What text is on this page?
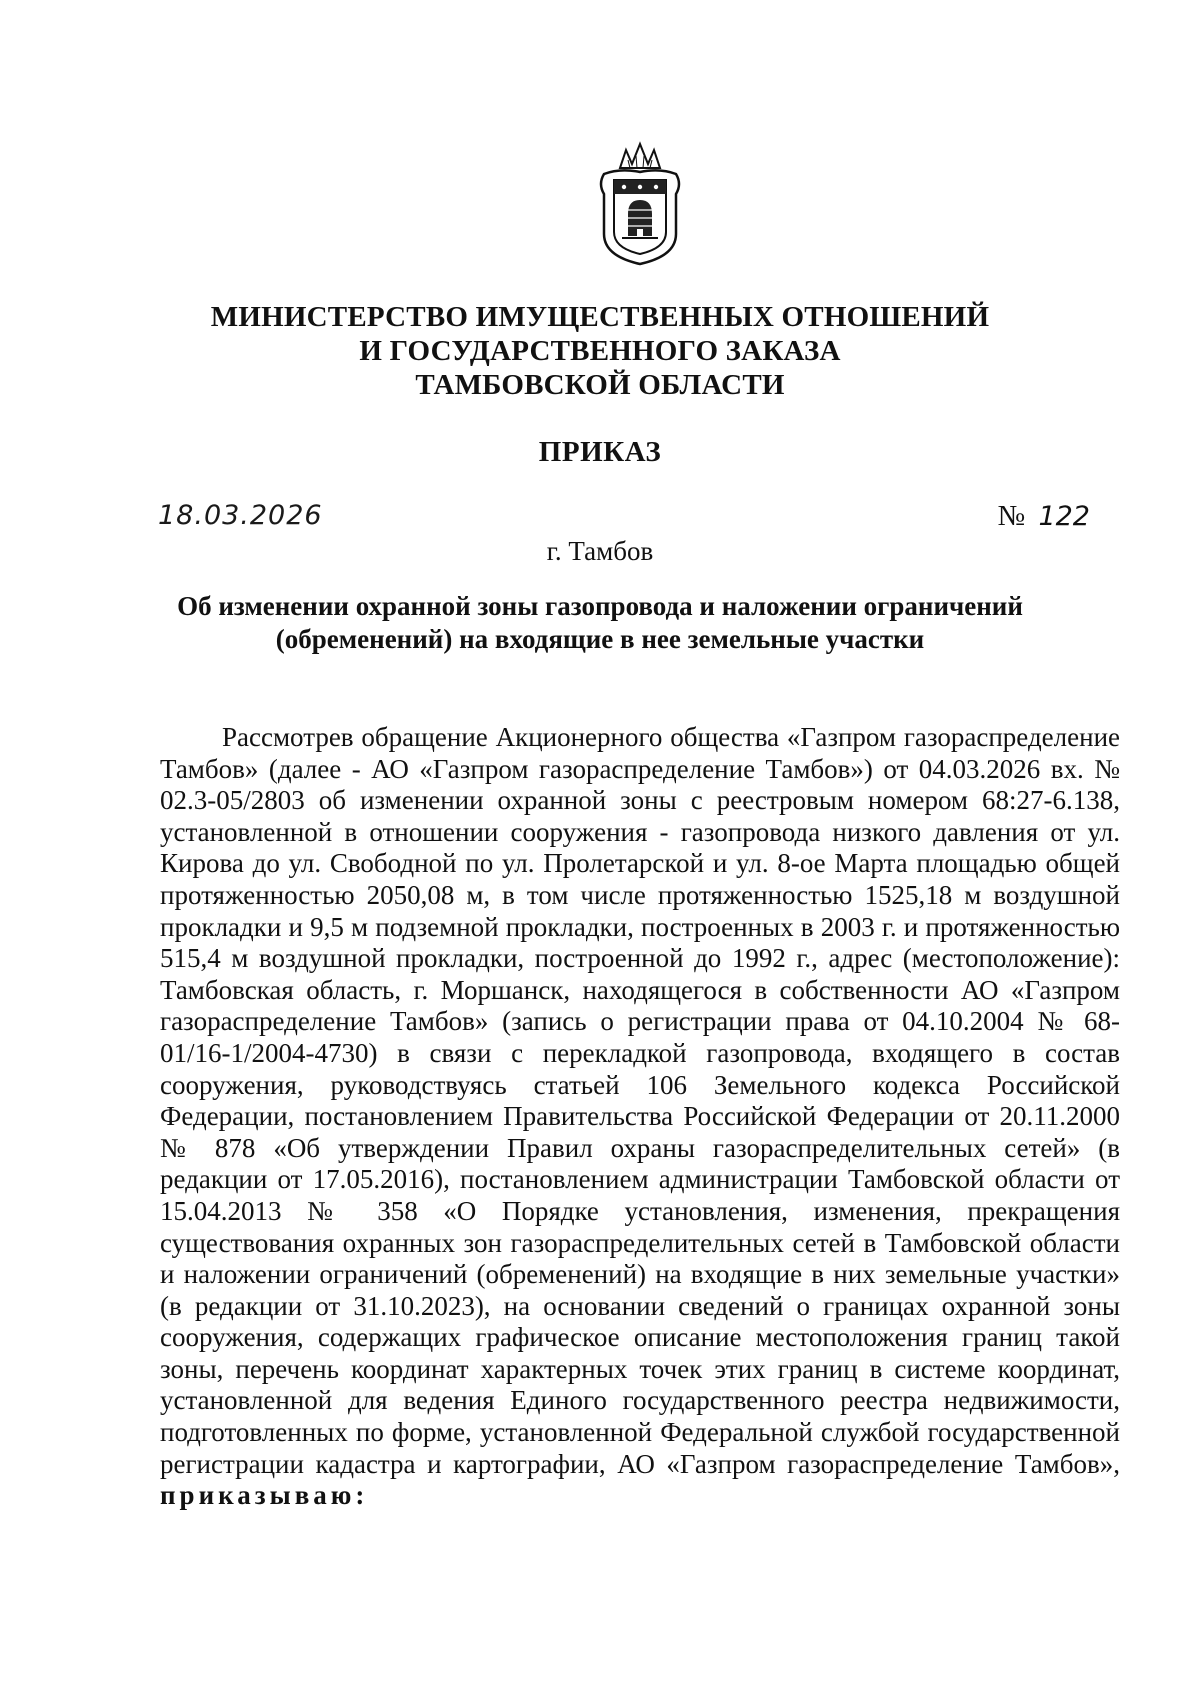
МИНИСТЕРСТВО ИМУЩЕСТВЕННЫХ ОТНОШЕНИЙ
И ГОСУДАРСТВЕННОГО ЗАКАЗА
ТАМБОВСКОЙ ОБЛАСТИ
ПРИКАЗ
18.03.2026	№ 122
г. Тамбов
Об изменении охранной зоны газопровода и наложении ограничений
(обременений) на входящие в нее земельные участки
Рассмотрев обращение Акционерного общества «Газпром газораспределение Тамбов» (далее - АО «Газпром газораспределение Тамбов») от 04.03.2026 вх. № 02.3-05/2803 об изменении охранной зоны с реестровым номером 68:27-6.138, установленной в отношении сооружения - газопровода низкого давления от ул. Кирова до ул. Свободной по ул. Пролетарской и ул. 8-ое Марта площадью общей протяженностью 2050,08 м, в том числе протяженностью 1525,18 м воздушной прокладки и 9,5 м подземной прокладки, построенных в 2003 г. и протяженностью 515,4 м воздушной прокладки, построенной до 1992 г., адрес (местоположение): Тамбовская область, г. Моршанск, находящегося в собственности АО «Газпром газораспределение Тамбов» (запись о регистрации права от 04.10.2004 № 68-01/16-1/2004-4730) в связи с перекладкой газопровода, входящего в состав сооружения, руководствуясь статьей 106 Земельного кодекса Российской Федерации, постановлением Правительства Российской Федерации от 20.11.2000 № 878 «Об утверждении Правил охраны газораспределительных сетей» (в редакции от 17.05.2016), постановлением администрации Тамбовской области от 15.04.2013 № 358 «О Порядке установления, изменения, прекращения существования охранных зон газораспределительных сетей в Тамбовской области и наложении ограничений (обременений) на входящие в них земельные участки» (в редакции от 31.10.2023), на основании сведений о границах охранной зоны сооружения, содержащих графическое описание местоположения границ такой зоны, перечень координат характерных точек этих границ в системе координат, установленной для ведения Единого государственного реестра недвижимости, подготовленных по форме, установленной Федеральной службой государственной регистрации кадастра и картографии, АО «Газпром газораспределение Тамбов», приказываю:
